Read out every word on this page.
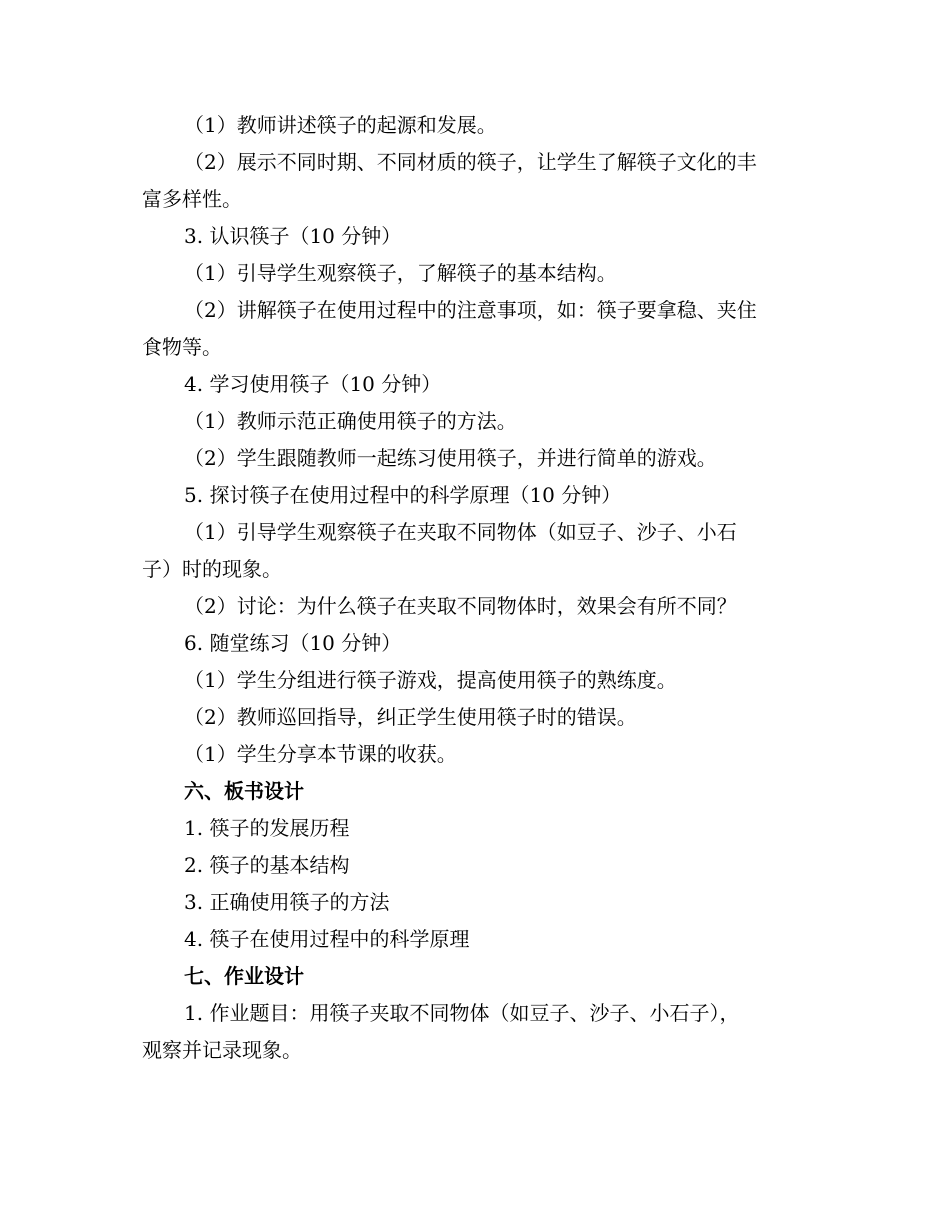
（1）教师讲述筷子的起源和发展。
（2）展示不同时期、不同材质的筷子，让学生了解筷子文化的丰
富多样性。
3. 认识筷子（10 分钟）
（1）引导学生观察筷子，了解筷子的基本结构。
（2）讲解筷子在使用过程中的注意事项，如：筷子要拿稳、夹住
食物等。
4. 学习使用筷子（10 分钟）
（1）教师示范正确使用筷子的方法。
（2）学生跟随教师一起练习使用筷子，并进行简单的游戏。
5. 探讨筷子在使用过程中的科学原理（10 分钟）
（1）引导学生观察筷子在夹取不同物体（如豆子、沙子、小石
子）时的现象。
（2）讨论：为什么筷子在夹取不同物体时，效果会有所不同？
6. 随堂练习（10 分钟）
（1）学生分组进行筷子游戏，提高使用筷子的熟练度。
（2）教师巡回指导，纠正学生使用筷子时的错误。
（1）学生分享本节课的收获。
六、板书设计
1. 筷子的发展历程
2. 筷子的基本结构
3. 正确使用筷子的方法
4. 筷子在使用过程中的科学原理
七、作业设计
1. 作业题目：用筷子夹取不同物体（如豆子、沙子、小石子），
观察并记录现象。
